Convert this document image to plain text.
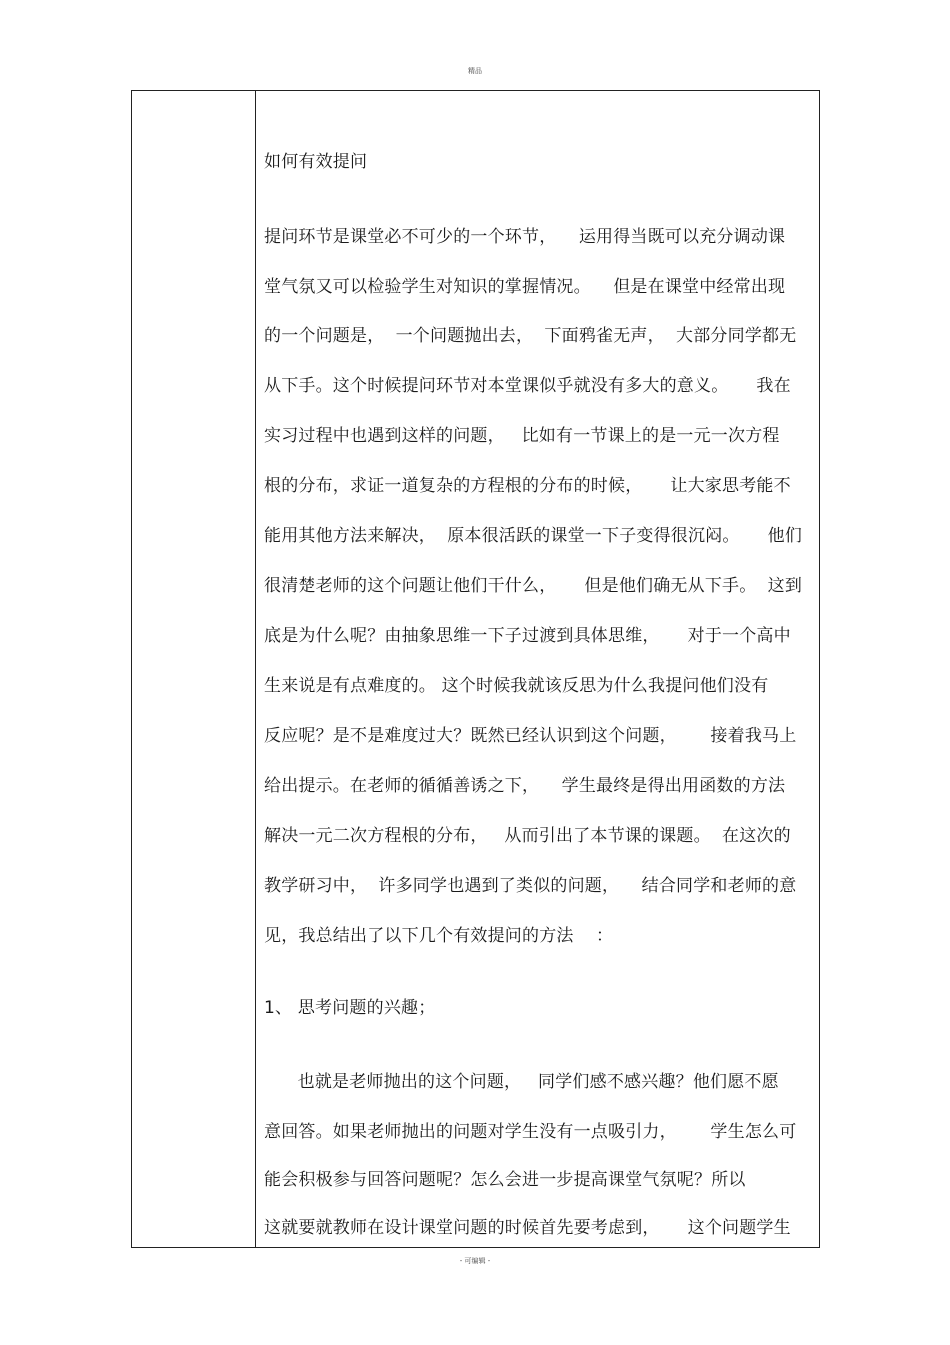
精品
如何有效提问
提问环节是课堂必不可少的一个环节，    运用得当既可以充分调动课
堂气氛又可以检验学生对知识的掌握情况。    但是在课堂中经常出现
的一个问题是，  一个问题抛出去，  下面鸦雀无声，  大部分同学都无
从下手。这个时候提问环节对本堂课似乎就没有多大的意义。     我在
实习过程中也遇到这样的问题，   比如有一节课上的是一元一次方程
根的分布，求证一道复杂的方程根的分布的时候，     让大家思考能不
能用其他方法来解决，  原本很活跃的课堂一下子变得很沉闷。     他们
很清楚老师的这个问题让他们干什么，     但是他们确无从下手。  这到
底是为什么呢？由抽象思维一下子过渡到具体思维，     对于一个高中
生来说是有点难度的。 这个时候我就该反思为什么我提问他们没有
反应呢？是不是难度过大？既然已经认识到这个问题，      接着我马上
给出提示。在老师的循循善诱之下，    学生最终是得出用函数的方法
解决一元二次方程根的分布，   从而引出了本节课的课题。  在这次的
教学研习中，  许多同学也遇到了类似的问题，    结合同学和老师的意
见，我总结出了以下几个有效提问的方法    ：
1、 思考问题的兴趣；
也就是老师抛出的这个问题，   同学们感不感兴趣？他们愿不愿
意回答。如果老师抛出的问题对学生没有一点吸引力，      学生怎么可
能会积极参与回答问题呢？怎么会进一步提高课堂气氛呢？所以
这就要就教师在设计课堂问题的时候首先要考虑到，     这个问题学生
- 可编辑 -
